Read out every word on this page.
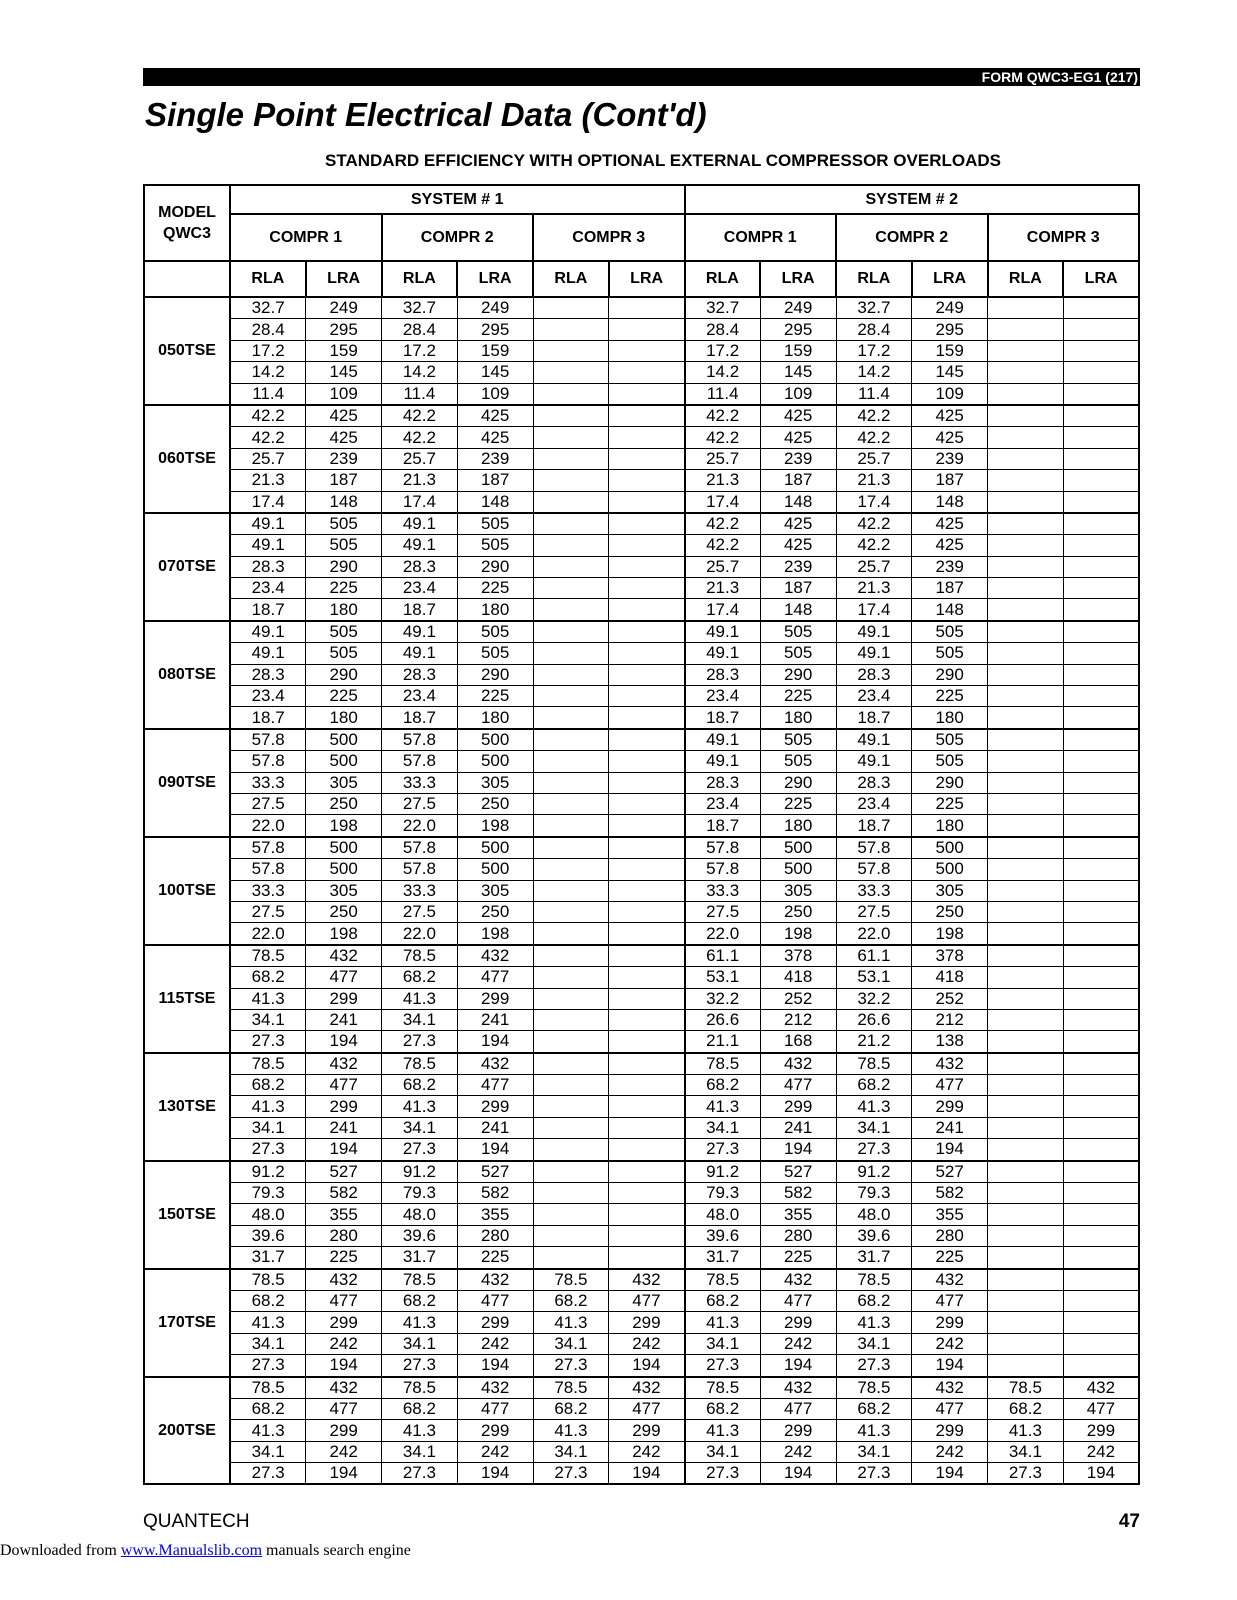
FORM QWC3-EG1 (217)
Single Point Electrical Data (Cont'd)
STANDARD EFFICIENCY WITH OPTIONAL EXTERNAL COMPRESSOR OVERLOADS
MODEL
QWC3	SYSTEM # 1						SYSTEM # 2					
	COMPR 1		COMPR 2		COMPR 3		COMPR 1		COMPR 2		COMPR 3	
	RLA	LRA	RLA	LRA	RLA	LRA	RLA	LRA	RLA	LRA	RLA	LRA
050TSE	32.7	249	32.7	249			32.7	249	32.7	249		
	28.4	295	28.4	295			28.4	295	28.4	295		
	17.2	159	17.2	159			17.2	159	17.2	159		
	14.2	145	14.2	145			14.2	145	14.2	145		
	11.4	109	11.4	109			11.4	109	11.4	109		
060TSE	42.2	425	42.2	425			42.2	425	42.2	425		
	42.2	425	42.2	425			42.2	425	42.2	425		
	25.7	239	25.7	239			25.7	239	25.7	239		
	21.3	187	21.3	187			21.3	187	21.3	187		
	17.4	148	17.4	148			17.4	148	17.4	148		
070TSE	49.1	505	49.1	505			42.2	425	42.2	425		
	49.1	505	49.1	505			42.2	425	42.2	425		
	28.3	290	28.3	290			25.7	239	25.7	239		
	23.4	225	23.4	225			21.3	187	21.3	187		
	18.7	180	18.7	180			17.4	148	17.4	148		
080TSE	49.1	505	49.1	505			49.1	505	49.1	505		
	49.1	505	49.1	505			49.1	505	49.1	505		
	28.3	290	28.3	290			28.3	290	28.3	290		
	23.4	225	23.4	225			23.4	225	23.4	225		
	18.7	180	18.7	180			18.7	180	18.7	180		
090TSE	57.8	500	57.8	500			49.1	505	49.1	505		
	57.8	500	57.8	500			49.1	505	49.1	505		
	33.3	305	33.3	305			28.3	290	28.3	290		
	27.5	250	27.5	250			23.4	225	23.4	225		
	22.0	198	22.0	198			18.7	180	18.7	180		
100TSE	57.8	500	57.8	500			57.8	500	57.8	500		
	57.8	500	57.8	500			57.8	500	57.8	500		
	33.3	305	33.3	305			33.3	305	33.3	305		
	27.5	250	27.5	250			27.5	250	27.5	250		
	22.0	198	22.0	198			22.0	198	22.0	198		
115TSE	78.5	432	78.5	432			61.1	378	61.1	378		
	68.2	477	68.2	477			53.1	418	53.1	418		
	41.3	299	41.3	299			32.2	252	32.2	252		
	34.1	241	34.1	241			26.6	212	26.6	212		
	27.3	194	27.3	194			21.1	168	21.2	138		
130TSE	78.5	432	78.5	432			78.5	432	78.5	432		
	68.2	477	68.2	477			68.2	477	68.2	477		
	41.3	299	41.3	299			41.3	299	41.3	299		
	34.1	241	34.1	241			34.1	241	34.1	241		
	27.3	194	27.3	194			27.3	194	27.3	194		
150TSE	91.2	527	91.2	527			91.2	527	91.2	527		
	79.3	582	79.3	582			79.3	582	79.3	582		
	48.0	355	48.0	355			48.0	355	48.0	355		
	39.6	280	39.6	280			39.6	280	39.6	280		
	31.7	225	31.7	225			31.7	225	31.7	225		
170TSE	78.5	432	78.5	432	78.5	432	78.5	432	78.5	432		
	68.2	477	68.2	477	68.2	477	68.2	477	68.2	477		
	41.3	299	41.3	299	41.3	299	41.3	299	41.3	299		
	34.1	242	34.1	242	34.1	242	34.1	242	34.1	242		
	27.3	194	27.3	194	27.3	194	27.3	194	27.3	194		
200TSE	78.5	432	78.5	432	78.5	432	78.5	432	78.5	432	78.5	432
	68.2	477	68.2	477	68.2	477	68.2	477	68.2	477	68.2	477
	41.3	299	41.3	299	41.3	299	41.3	299	41.3	299	41.3	299
	34.1	242	34.1	242	34.1	242	34.1	242	34.1	242	34.1	242
	27.3	194	27.3	194	27.3	194	27.3	194	27.3	194	27.3	194
QUANTECH	47
Downloaded from www.Manualslib.com manuals search engine
